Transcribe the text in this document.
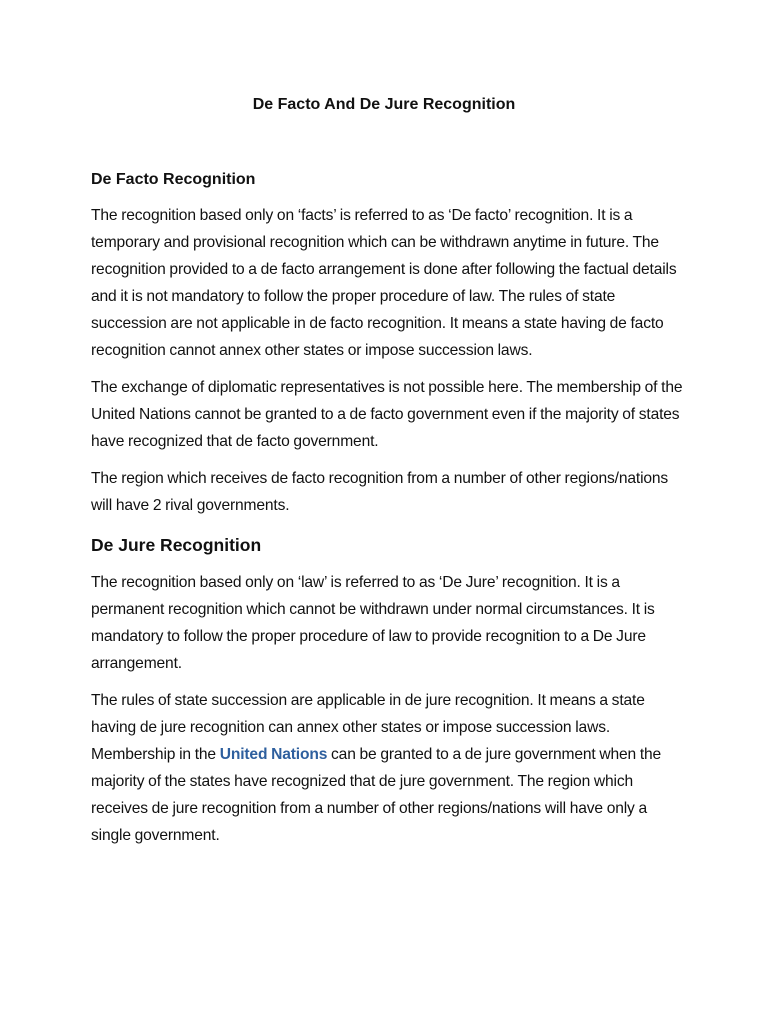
De Facto And De Jure Recognition
De Facto Recognition

The recognition based only on ‘facts’ is referred to as ‘De facto’ recognition. It is a temporary and provisional recognition which can be withdrawn anytime in future. The recognition provided to a de facto arrangement is done after following the factual details and it is not mandatory to follow the proper procedure of law. The rules of state succession are not applicable in de facto recognition. It means a state having de facto recognition cannot annex other states or impose succession laws.

The exchange of diplomatic representatives is not possible here. The membership of the United Nations cannot be granted to a de facto government even if the majority of states have recognized that de facto government.

The region which receives de facto recognition from a number of other regions/nations will have 2 rival governments.

De Jure Recognition

The recognition based only on ‘law’ is referred to as ‘De Jure’ recognition. It is a permanent recognition which cannot be withdrawn under normal circumstances. It is mandatory to follow the proper procedure of law to provide recognition to a De Jure arrangement.

The rules of state succession are applicable in de jure recognition. It means a state having de jure recognition can annex other states or impose succession laws. Membership in the United Nations can be granted to a de jure government when the majority of the states have recognized that de jure government. The region which receives de jure recognition from a number of other regions/nations will have only a single government.
